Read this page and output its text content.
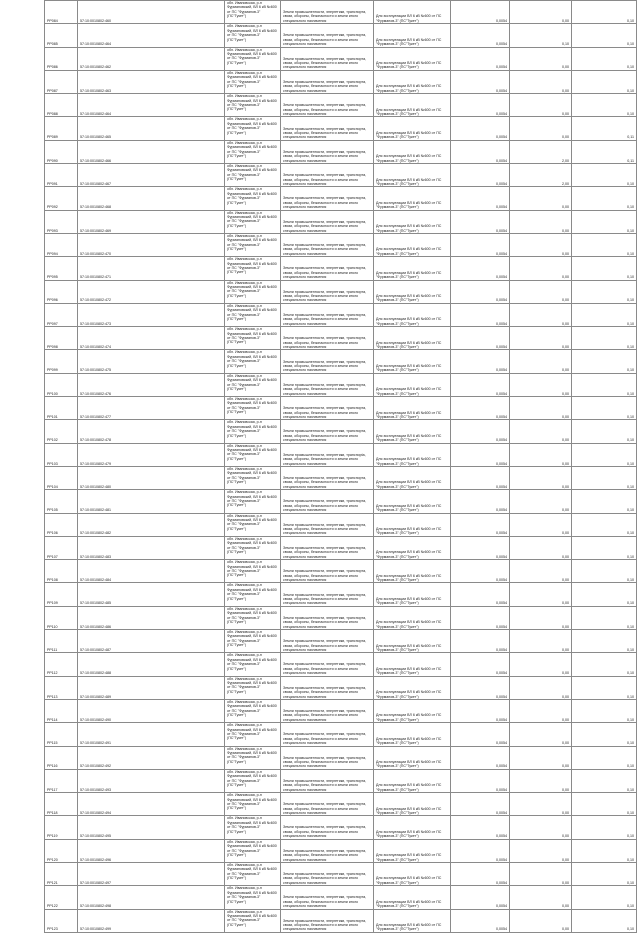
РР084	57:10:0010802:460	обл. Ивановская, р-н Фурмановский, ВЛ 6 кВ №600 от ПС "Фурманов-3" (ПС"Тукет")	Земли промышленности, энергетики, транспорта, связи, обороны, безопасности и земли иного специального назначения	Для эксплуатации ВЛ 6 кВ №600 от ПС "Фурманов-3" (ПС"Тукет")	0,0054	0,00	0,10
РР085	57:10:0010802:464	обл. Ивановская, р-н Фурмановский, ВЛ 6 кВ №600 от ПС "Фурманов-3" (ПС"Тукет")	Земли промышленности, энергетики, транспорта, связи, обороны, безопасности и земли иного специального назначения	Для эксплуатации ВЛ 6 кВ №600 от ПС "Фурманов-3" (ПС"Тукет")	0,0054	0,10	0,10
РР086	57:10:0010802:462	обл. Ивановская, р-н Фурмановский, ВЛ 6 кВ №600 от ПС "Фурманов-3" (ПС"Тукет")	Земли промышленности, энергетики, транспорта, связи, обороны, безопасности и земли иного специального назначения	Для эксплуатации ВЛ 6 кВ №600 от ПС "Фурманов-3" (ПС"Тукет")	0,0054	0,00	0,10
РР087	57:10:0010802:463	обл. Ивановская, р-н Фурмановский, ВЛ 6 кВ №600 от ПС "Фурманов-3" (ПС"Тукет")	Земли промышленности, энергетики, транспорта, связи, обороны, безопасности и земли иного специального назначения	Для эксплуатации ВЛ 6 кВ №600 от ПС "Фурманов-3" (ПС"Тукет")	0,0054	0,00	0,10
РР088	57:10:0010802:464	обл. Ивановская, р-н Фурмановский, ВЛ 6 кВ №600 от ПС "Фурманов-3" (ПС"Тукет")	Земли промышленности, энергетики, транспорта, связи, обороны, безопасности и земли иного специального назначения	Для эксплуатации ВЛ 6 кВ №600 от ПС "Фурманов-3" (ПС"Тукет")	0,0054	0,00	0,10
РР089	57:10:0010802:465	обл. Ивановская, р-н Фурмановский, ВЛ 6 кВ №600 от ПС "Фурманов-3" (ПС"Тукет")	Земли промышленности, энергетики, транспорта, связи, обороны, безопасности и земли иного специального назначения	Для эксплуатации ВЛ 6 кВ №600 от ПС "Фурманов-3" (ПС"Тукет")	0,0054	0,00	0,11
РР090	57:10:0010802:466	обл. Ивановская, р-н Фурмановский, ВЛ 6 кВ №600 от ПС "Фурманов-3" (ПС"Тукет")	Земли промышленности, энергетики, транспорта, связи, обороны, безопасности и земли иного специального назначения	Для эксплуатации ВЛ 6 кВ №600 от ПС "Фурманов-3" (ПС"Тукет")	0,0054	2,00	0,11
РР091	57:10:0010802:467	обл. Ивановская, р-н Фурмановский, ВЛ 6 кВ №600 от ПС "Фурманов-3" (ПС"Тукет")	Земли промышленности, энергетики, транспорта, связи, обороны, безопасности и земли иного специального назначения	Для эксплуатации ВЛ 6 кВ №600 от ПС "Фурманов-3" (ПС"Тукет")	0,0054	2,00	0,10
РР092	57:10:0010802:468	обл. Ивановская, р-н Фурмановский, ВЛ 6 кВ №600 от ПС "Фурманов-3" (ПС"Тукет")	Земли промышленности, энергетики, транспорта, связи, обороны, безопасности и земли иного специального назначения	Для эксплуатации ВЛ 6 кВ №600 от ПС "Фурманов-3" (ПС"Тукет")	0,0054	0,00	0,10
РР093	57:10:0010802:469	обл. Ивановская, р-н Фурмановский, ВЛ 6 кВ №600 от ПС "Фурманов-3" (ПС"Тукет")	Земли промышленности, энергетики, транспорта, связи, обороны, безопасности и земли иного специального назначения	Для эксплуатации ВЛ 6 кВ №600 от ПС "Фурманов-3" (ПС"Тукет")	0,0054	0,00	0,10
РР094	57:10:0010802:470	обл. Ивановская, р-н Фурмановский, ВЛ 6 кВ №600 от ПС "Фурманов-3" (ПС"Тукет")	Земли промышленности, энергетики, транспорта, связи, обороны, безопасности и земли иного специального назначения	Для эксплуатации ВЛ 6 кВ №600 от ПС "Фурманов-3" (ПС"Тукет")	0,0054	0,00	0,10
РР095	57:10:0010802:471	обл. Ивановская, р-н Фурмановский, ВЛ 6 кВ №600 от ПС "Фурманов-3" (ПС"Тукет")	Земли промышленности, энергетики, транспорта, связи, обороны, безопасности и земли иного специального назначения	Для эксплуатации ВЛ 6 кВ №600 от ПС "Фурманов-3" (ПС"Тукет")	0,0054	0,00	0,10
РР096	57:10:0010802:472	обл. Ивановская, р-н Фурмановский, ВЛ 6 кВ №600 от ПС "Фурманов-3" (ПС"Тукет")	Земли промышленности, энергетики, транспорта, связи, обороны, безопасности и земли иного специального назначения	Для эксплуатации ВЛ 6 кВ №600 от ПС "Фурманов-3" (ПС"Тукет")	0,0054	0,00	0,10
РР097	57:10:0010802:473	обл. Ивановская, р-н Фурмановский, ВЛ 6 кВ №600 от ПС "Фурманов-3" (ПС"Тукет")	Земли промышленности, энергетики, транспорта, связи, обороны, безопасности и земли иного специального назначения	Для эксплуатации ВЛ 6 кВ №600 от ПС "Фурманов-3" (ПС"Тукет")	0,0054	0,00	0,10
РР098	57:10:0010802:474	обл. Ивановская, р-н Фурмановский, ВЛ 6 кВ №600 от ПС "Фурманов-3" (ПС"Тукет")	Земли промышленности, энергетики, транспорта, связи, обороны, безопасности и земли иного специального назначения	Для эксплуатации ВЛ 6 кВ №600 от ПС "Фурманов-3" (ПС"Тукет")	0,0054	0,00	0,10
РР099	57:10:0010802:475	обл. Ивановская, р-н Фурмановский, ВЛ 6 кВ №600 от ПС "Фурманов-3" (ПС"Тукет")	Земли промышленности, энергетики, транспорта, связи, обороны, безопасности и земли иного специального назначения	Для эксплуатации ВЛ 6 кВ №600 от ПС "Фурманов-3" (ПС"Тукет")	0,0054	0,00	0,10
РР100	57:10:0010802:476	обл. Ивановская, р-н Фурмановский, ВЛ 6 кВ №600 от ПС "Фурманов-3" (ПС"Тукет")	Земли промышленности, энергетики, транспорта, связи, обороны, безопасности и земли иного специального назначения	Для эксплуатации ВЛ 6 кВ №600 от ПС "Фурманов-3" (ПС"Тукет")	0,0054	0,00	0,10
РР101	57:10:0010802:477	обл. Ивановская, р-н Фурмановский, ВЛ 6 кВ №600 от ПС "Фурманов-3" (ПС"Тукет")	Земли промышленности, энергетики, транспорта, связи, обороны, безопасности и земли иного специального назначения	Для эксплуатации ВЛ 6 кВ №600 от ПС "Фурманов-3" (ПС"Тукет")	0,0054	0,00	0,10
РР102	57:10:0010802:478	обл. Ивановская, р-н Фурмановский, ВЛ 6 кВ №600 от ПС "Фурманов-3" (ПС"Тукет")	Земли промышленности, энергетики, транспорта, связи, обороны, безопасности и земли иного специального назначения	Для эксплуатации ВЛ 6 кВ №600 от ПС "Фурманов-3" (ПС"Тукет")	0,0054	0,00	0,10
РР103	57:10:0010802:479	обл. Ивановская, р-н Фурмановский, ВЛ 6 кВ №600 от ПС "Фурманов-3" (ПС"Тукет")	Земли промышленности, энергетики, транспорta, связи, обороны, безопасности и земли иного специального назначения	Для эксплуатации ВЛ 6 кВ №600 от ПС "Фурманов-3" (ПС"Тукет")	0,0054	0,00	0,10
РР104	57:10:0010802:480	обл. Ивановская, р-н Фурмановский, ВЛ 6 кВ №600 от ПС "Фурманов-3" (ПС"Тукет")	Земли промышленности, энергетики, транспорта, связи, обороны, безопасности и земли иного специального назначения	Для эксплуатации ВЛ 6 кВ №600 от ПС "Фурманов-3" (ПС"Тукет")	0,0054	0,00	0,10
РР105	57:10:0010802:481	обл. Ивановская, р-н Фурмановский, ВЛ 6 кВ №600 от ПС "Фурманов-3" (ПС"Тукет")	Земли промышленности, энергетики, транспорта, связи, обороны, безопасности и земли иного специального назначения	Для эксплуатации ВЛ 6 кВ №600 от ПС "Фурманов-3" (ПС"Тукет")	0,0054	0,00	0,10
РР106	57:10:0010802:482	обл. Ивановская, р-н Фурмановский, ВЛ 6 кВ №600 от ПС "Фурманов-3" (ПС"Тукет")	Земли промышленности, энергетики, транспорта, связи, обороны, безопасности и земли иного специального назначения	Для эксплуатации ВЛ 6 кВ №600 от ПС "Фурманов-3" (ПС"Тукет")	0,0054	0,00	0,10
РР107	57:10:0010802:483	обл. Ивановская, р-н Фурмановский, ВЛ 6 кВ №600 от ПС "Фурманов-3" (ПС"Тукет")	Земли промышленности, энергетики, транспорта, связи, обороны, безопасности и земли иного специального назначения	Для эксплуатации ВЛ 6 кВ №600 от ПС "Фурманов-3" (ПС"Тукет")	0,0054	0,00	0,10
РР108	57:10:0010802:484	обл. Ивановская, р-н Фурмановский, ВЛ 6 кВ №600 от ПС "Фурманов-3" (ПС"Тукет")	Земли промышленности, энергетики, транспорта, связи, обороны, безопасности и земли иного специального назначения	Для эксплуатации ВЛ 6 кВ №600 от ПС "Фурманов-3" (ПС"Тукет")	0,0054	0,00	0,10
РР109	57:10:0010802:485	обл. Ивановская, р-н Фурмановский, ВЛ 6 кВ №600 от ПС "Фурманов-3" (ПС"Тукет")	Земли промышленности, энергетики, транспорта, связи, обороны, безопасности и земли иного специального назначения	Для эксплуатации ВЛ 6 кВ №600 от ПС "Фурманов-3" (ПС"Тукет")	0,0054	0,00	0,10
РР110	57:10:0010802:486	обл. Ивановская, р-н Фурмановский, ВЛ 6 кВ №600 от ПС "Фурманов-3" (ПС"Тукет")	Земли промышленности, энергетики, транспорта, связи, обороны, безопасности и земли иного специального назначения	Для эксплуатации ВЛ 6 кВ №600 от ПС "Фурманов-3" (ПС"Тукет")	0,0054	0,00	0,10
РР111	57:10:0010802:487	обл. Ивановская, р-н Фурмановский, ВЛ 6 кВ №600 от ПС "Фурманов-3" (ПС"Тукет")	Земли промышленности, энергетики, транспорта, связи, обороны, безопасности и земли иного специального назначения	Для эксплуатации ВЛ 6 кВ №600 от ПС "Фурманов-3" (ПС"Тукет")	0,0054	0,00	0,10
РР112	57:10:0010802:488	обл. Ивановская, р-н Фурмановский, ВЛ 6 кВ №600 от ПС "Фурманов-3" (ПС"Тукет")	Земли промышленности, энергетики, транспорта, связи, обороны, безопасности и земли иного специального назначения	Для эксплуатации ВЛ 6 кВ №600 от ПС "Фурманов-3" (ПС"Тукет")	0,0054	0,00	0,10
РР113	57:10:0010802:489	обл. Ивановская, р-н Фурмановский, ВЛ 6 кВ №600 от ПС "Фурманов-3" (ПС"Тукет")	Земли промышленности, энергетики, транспорта, связи, обороны, безопасности и земли иного специального назначения	Для эксплуатации ВЛ 6 кВ №600 от ПС "Фурманов-3" (ПС"Тукет")	0,0054	0,00	0,10
РР114	57:10:0010802:490	обл. Ивановская, р-н Фурмановский, ВЛ 6 кВ №600 от ПС "Фурманов-3" (ПС"Тукет")	Земли промышленности, энергетики, транспорта, связи, обороны, безопасности и земли иного специального назначения	Для эксплуатации ВЛ 6 кВ №600 от ПС "Фурманов-3" (ПС"Тукет")	0,0054	0,00	0,10
РР115	57:10:0010802:491	обл. Ивановская, р-н Фурмановский, ВЛ 6 кВ №600 от ПС "Фурманов-3" (ПС"Тукет")	Земли промышленности, энергетики, транспорта, связи, обороны, безопасности и земли иного специального назначения	Для эксплуатации ВЛ 6 кВ №600 от ПС "Фурманов-3" (ПС"Тукет")	0,0054	0,00	0,10
РР116	57:10:0010802:492	обл. Ивановская, р-н Фурмановский, ВЛ 6 кВ №600 от ПС "Фурманов-3" (ПС"Тукет")	Земли промышленности, энергетики, транспорта, связи, обороны, безопасности и земли иного специального назначения	Для эксплуатации ВЛ 6 кВ №600 от ПС "Фурманов-3" (ПС"Тукет")	0,0054	0,00	0,10
РР117	57:10:0010802:493	обл. Ивановская, р-н Фурмановский, ВЛ 6 кВ №600 от ПС "Фурманов-3" (ПС"Тукет")	Земли промышленности, энергетики, транспорта, связи, обороны, безопасности и земли иного специального назначения	Для эксплуатации ВЛ 6 кВ №600 от ПС "Фурманов-3" (ПС"Тукет")	0,0054	0,00	0,10
РР118	57:10:0010802:494	обл. Ивановская, р-н Фурмановский, ВЛ 6 кВ №600 от ПС "Фурманов-3" (ПС"Тукет")	Земли промышленности, энергетики, транспорта, связи, обороны, безопасности и земли иного специального назначения	Для эксплуатации ВЛ 6 кВ №600 от ПС "Фурманов-3" (ПС"Тукет")	0,0054	0,00	0,10
РР119	57:10:0010802:495	обл. Ивановская, р-н Фурмановский, ВЛ 6 кВ №600 от ПС "Фурманов-3" (ПС"Тукет")	Земли промышленности, энергетики, транспорта, связи, обороны, безопасности и земли иного специального назначения	Для эксплуатации ВЛ 6 кВ №600 от ПС "Фурманов-3" (ПС"Тукет")	0,0054	0,00	0,10
РР120	57:10:0010802:496	обл. Ивановская, р-н Фурмановский, ВЛ 6 кВ №600 от ПС "Фурманов-3" (ПС"Тукет")	Земли промышленности, энергетики, транспорта, связи, обороны, безопасности и земли иного специального назначения	Для эксплуатации ВЛ 6 кВ №600 от ПС "Фурманов-3" (ПС"Тукет")	0,0054	0,00	0,10
РР121	57:10:0010802:497	обл. Ивановская, р-н Фурмановский, ВЛ 6 кВ №600 от ПС "Фурманов-3" (ПС"Тукет")	Земли промышленности, энергетики, транспорта, связи, обороны, безопасности и земли иного специального назначения	Для эксплуатации ВЛ 6 кВ №600 от ПС "Фурманов-3" (ПС"Тукет")	0,0054	0,00	0,10
РР122	57:10:0010802:498	обл. Ивановская, р-н Фурмановский, ВЛ 6 кВ №600 от ПС "Фурманов-3" (ПС"Тукет")	Земли промышленности, энергетики, транспорта, связи, обороны, безопасности и земли иного специального назначения	Для эксплуатации ВЛ 6 кВ №600 от ПС "Фурманов-3" (ПС"Тукет")	0,0054	0,00	0,10
РР123	57:10:0010802:499	обл. Ивановская, р-н Фурмановский, ВЛ 6 кВ №600 от ПС "Фурманов-3" (ПС"Тукет")	Земли промышленности, энергетики, транспорта, связи, обороны, безопасности и земли иного специального назначения	Для эксплуатации ВЛ 6 кВ №600 от ПС "Фурманов-3" (ПС"Тукет")	0,0054	0,00	0,10
